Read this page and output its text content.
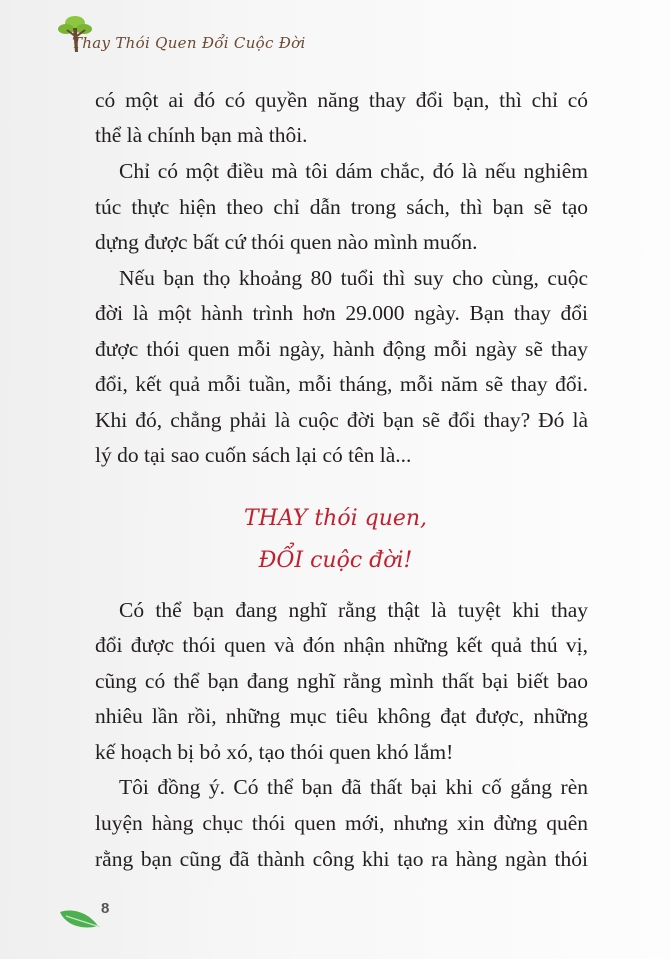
Thay Thói Quen Đổi Cuộc Đời
có một ai đó có quyền năng thay đổi bạn, thì chỉ có
thể là chính bạn mà thôi.
Chỉ có một điều mà tôi dám chắc, đó là nếu nghiêm
túc thực hiện theo chỉ dẫn trong sách, thì bạn sẽ tạo
dựng được bất cứ thói quen nào mình muốn.
Nếu bạn thọ khoảng 80 tuổi thì suy cho cùng, cuộc
đời là một hành trình hơn 29.000 ngày. Bạn thay đổi
được thói quen mỗi ngày, hành động mỗi ngày sẽ thay
đổi, kết quả mỗi tuần, mỗi tháng, mỗi năm sẽ thay đổi.
Khi đó, chẳng phải là cuộc đời bạn sẽ đổi thay? Đó là
lý do tại sao cuốn sách lại có tên là...
Có thể bạn đang nghĩ rằng thật là tuyệt khi thay
đổi được thói quen và đón nhận những kết quả thú vị,
cũng có thể bạn đang nghĩ rằng mình thất bại biết bao
nhiêu lần rồi, những mục tiêu không đạt được, những
kế hoạch bị bỏ xó, tạo thói quen khó lắm!
Tôi đồng ý. Có thể bạn đã thất bại khi cố gắng rèn
luyện hàng chục thói quen mới, nhưng xin đừng quên
rằng bạn cũng đã thành công khi tạo ra hàng ngàn thói
THAY thói quen,
ĐỔI cuộc đời!
8
